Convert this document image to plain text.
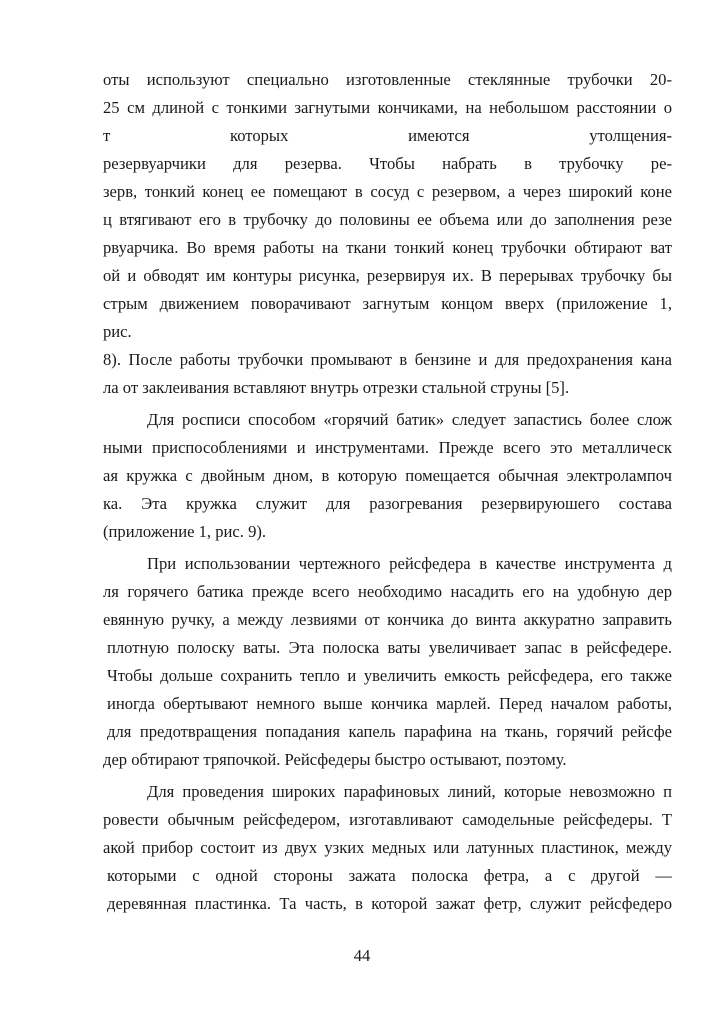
оты используют специально изготовленные стеклянные трубочки 20-
25 см длиной с тонкими загнутыми кончиками, на небольшом расстоянии о
т которых имеются утолщения-
резервуарчики для резерва. Чтобы набрать в трубочку ре-
зерв, тонкий конец ее помещают в сосуд с резервом, а через широкий коне
ц втягивают его в трубочку до половины ее объема или до заполнения резе
рвуарчика. Во время работы на ткани тонкий конец трубочки обтирают ват
ой и обводят им контуры рисунка, резервируя их. В перерывах трубочку бы
стрым движением поворачивают загнутым концом вверх (приложение 1,
рис.
8). После работы трубочки промывают в бензине и для предохранения кана
ла от заклеивания вставляют внутрь отрезки стальной струны [5].
Для росписи способом «горячий батик» следует запастись более слож
ными приспособлениями и инструментами. Прежде всего это металлическ
ая кружка с двойным дном, в которую помещается обычная электролампоч
ка. Эта кружка служит для разогревания резервируюшего состава
(приложение 1, рис. 9).
При использовании чертежного рейсфедера в качестве инструмента д
ля горячего батика прежде всего необходимо насадить его на удобную дер
евянную ручку, а между лезвиями от кончика до винта аккуратно заправить
плотную полоску ваты. Эта полоска ваты увеличивает запас в рейсфедере.
Чтобы дольше сохранить тепло и увеличить емкость рейсфедера, его также
иногда обертывают немного выше кончика марлей. Перед началом работы,
для предотвращения попадания капель парафина на ткань, горячий рейсфе
дер обтирают тряпочкой. Рейсфедеры быстро остывают, поэтому.
Для проведения широких парафиновых линий, которые невозможно п
ровести обычным рейсфедером, изготавливают самодельные рейсфедеры. Т
акой прибор состоит из двух узких медных или латунных пластинок, между
которыми с одной стороны зажата полоска фетра, а с другой —
деревянная пластинка. Та часть, в которой зажат фетр, служит рейсфедеро
44
